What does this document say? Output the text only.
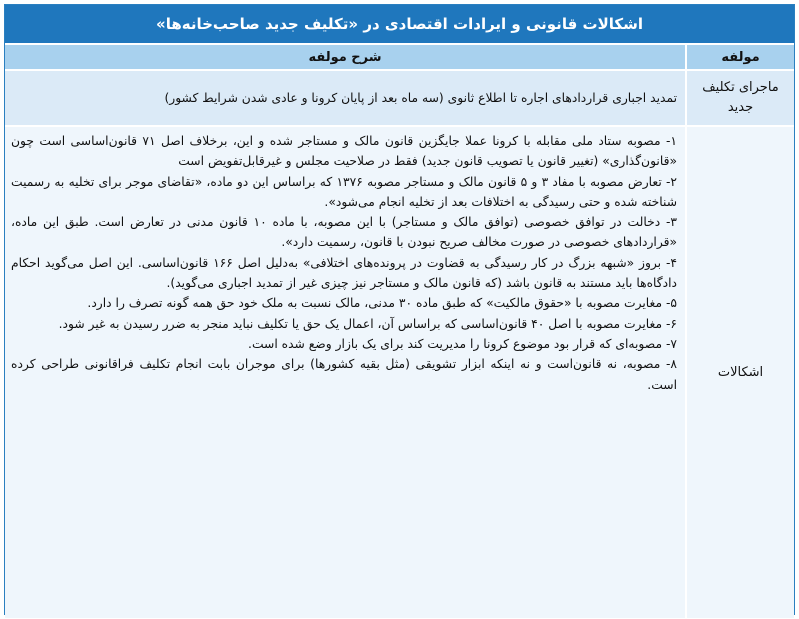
اشکالات قانونی و ایرادات اقتصادی در «تکلیف جدید صاحب‌خانه‌ها»
مولفه
شرح مولفه
ماجرای تکلیف جدید
تمدید اجباری قراردادهای اجاره تا اطلاع ثانوی (سه ماه بعد از پایان کرونا و عادی شدن شرایط کشور)
اشکالات

۱- مصوبه ستاد ملی مقابله با کرونا عملا جایگزین قانون مالک و مستاجر شده و این، برخلاف اصل ۷۱ قانون‌اساسی است چون «قانون‌گذاری» (تغییر قانون یا تصویب قانون جدید) فقط در صلاحیت مجلس و غیرقابل‌تفویض است

۲- تعارض مصوبه با مفاد ۳ و ۵ قانون مالک و مستاجر مصوبه ۱۳۷۶ که براساس این دو ماده، «تقاضای موجر برای تخلیه به رسمیت شناخته شده و حتی رسیدگی به اختلافات بعد از تخلیه انجام می‌شود».

۳- دخالت در توافق خصوصی (توافق مالک و مستاجر) با این مصوبه، با ماده ۱۰ قانون مدنی در تعارض است. طبق این ماده، «قراردادهای خصوصی در صورت مخالف صریح نبودن با قانون، رسمیت دارد».

۴- بروز «شبهه بزرگ در کار رسیدگی به قضاوت در پرونده‌های اختلافی» به‌دلیل اصل ۱۶۶ قانون‌اساسی. این اصل می‌گوید احکام دادگاه‌ها باید مستند به قانون باشد (که قانون مالک و مستاجر نیز چیزی غیر از تمدید اجباری می‌گوید).

۵- مغایرت مصوبه با «حقوق مالکیت» که طبق ماده ۳۰ مدنی، مالک نسبت به ملک خود حق همه گونه تصرف را دارد.

۶- مغایرت مصوبه با اصل ۴۰ قانون‌اساسی که براساس آن، اعمال یک حق یا تکلیف نباید منجر به ضرر رسیدن به غیر شود.

۷- مصوبه‌ای که قرار بود موضوع کرونا را مدیریت کند برای یک بازار وضع شده است.

۸- مصوبه، نه قانون‌است و نه اینکه ابزار تشویقی (مثل بقیه کشورها) برای موجران بابت انجام تکلیف فراقانونی طراحی کرده است.
